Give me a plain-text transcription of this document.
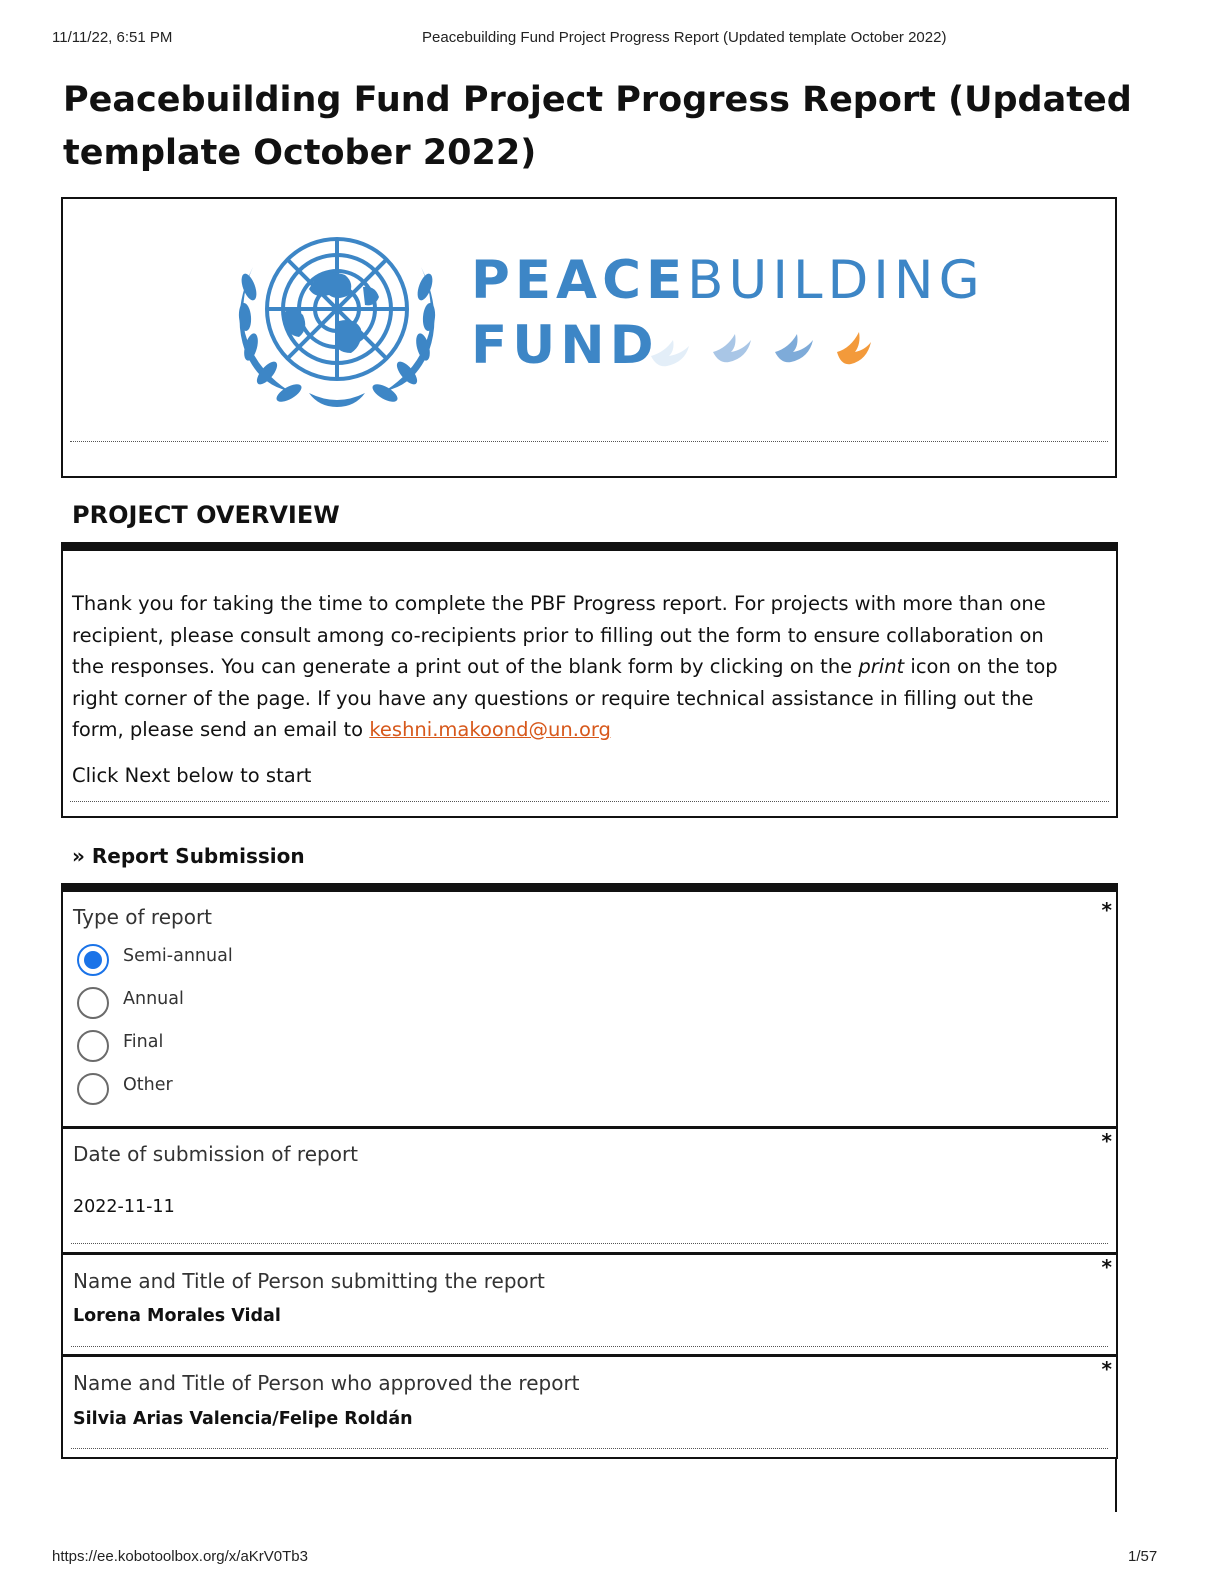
11/11/22, 6:51 PM	Peacebuilding Fund Project Progress Report (Updated template October 2022)
Peacebuilding Fund Project Progress Report (Updated template October 2022)
PEACEBUILDING
FUND
PROJECT OVERVIEW

Thank you for taking the time to complete the PBF Progress report. For projects with more than one recipient, please consult among co-recipients prior to filling out the form to ensure collaboration on the responses. You can generate a print out of the blank form by clicking on the print icon on the top right corner of the page. If you have any questions or require technical assistance in filling out the form, please send an email to keshni.makoond@un.org

Click Next below to start

» Report Submission
Type of report	*
Semi-annual
Annual
Final
Other
Date of submission of report
*
2022-11-11
Name and Title of Person submitting the report
*
Lorena Morales Vidal
Name and Title of Person who approved the report
*
Silvia Arias Valencia/Felipe Roldán
https://ee.kobotoolbox.org/x/aKrV0Tb3	1/57
